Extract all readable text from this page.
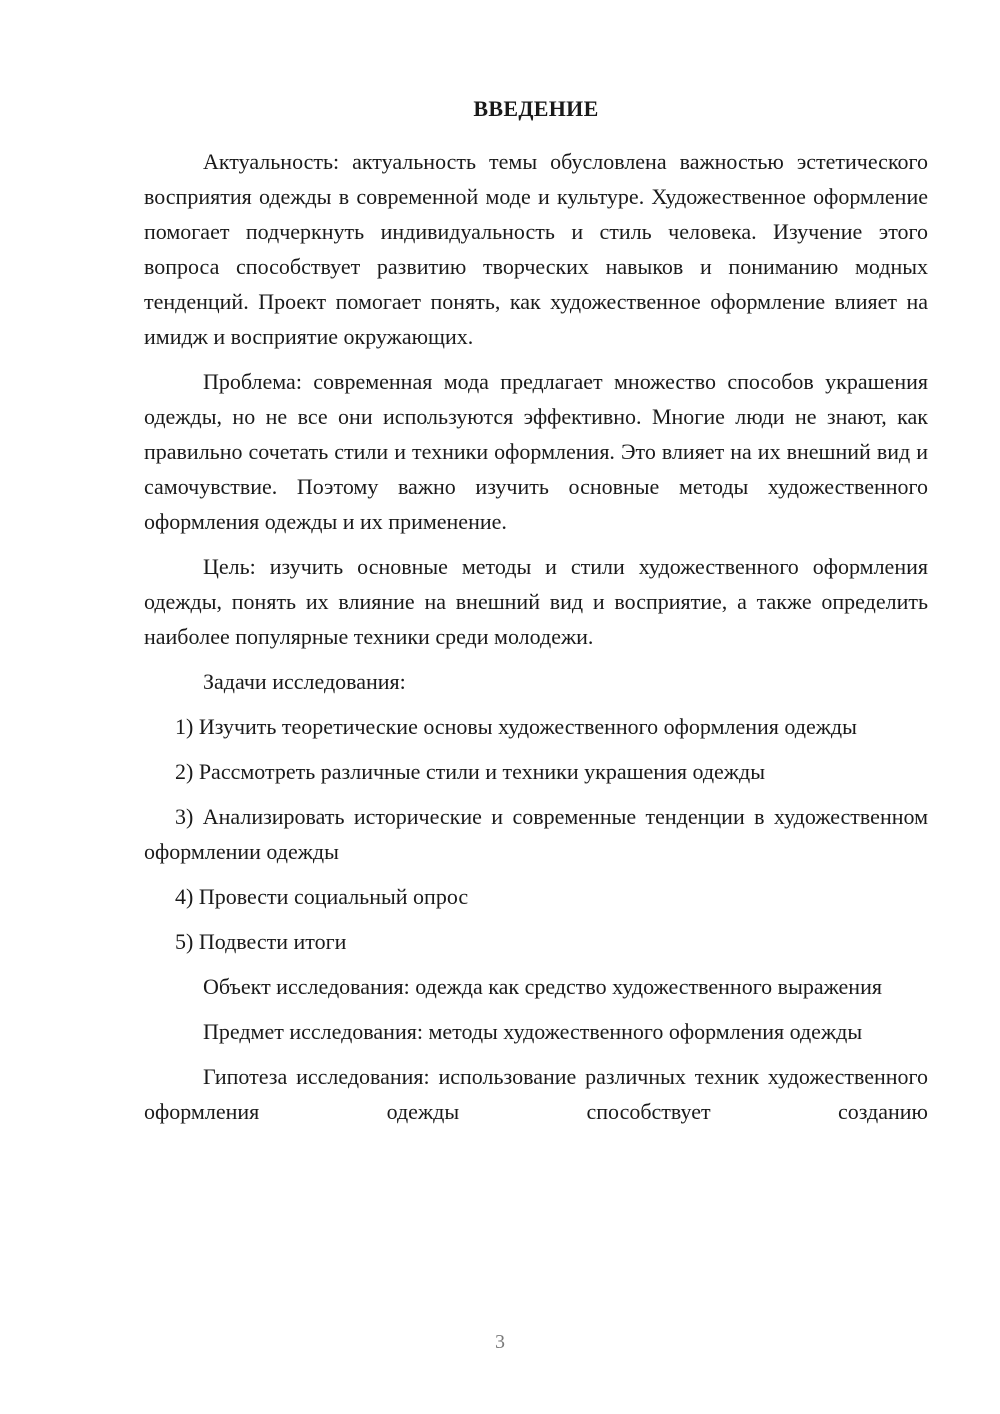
ВВЕДЕНИЕ

Актуальность: актуальность темы обусловлена важностью эстетического восприятия одежды в современной моде и культуре. Художественное оформление помогает подчеркнуть индивидуальность и стиль человека. Изучение этого вопроса способствует развитию творческих навыков и пониманию модных тенденций. Проект помогает понять, как художественное оформление влияет на имидж и восприятие окружающих.

Проблема: современная мода предлагает множество способов украшения одежды, но не все они используются эффективно. Многие люди не знают, как правильно сочетать стили и техники оформления. Это влияет на их внешний вид и самочувствие. Поэтому важно изучить основные методы художественного оформления одежды и их применение.

Цель: изучить основные методы и стили художественного оформления одежды, понять их влияние на внешний вид и восприятие, а также определить наиболее популярные техники среди молодежи.

Задачи исследования:

1) Изучить теоретические основы художественного оформления одежды

2) Рассмотреть различные стили и техники украшения одежды

3) Анализировать исторические и современные тенденции в художественном оформлении одежды

4) Провести социальный опрос

5) Подвести итоги

Объект исследования: одежда как средство художественного выражения

Предмет исследования: методы художественного оформления одежды

Гипотеза исследования: использование различных техник художественного оформления одежды способствует созданию

3
